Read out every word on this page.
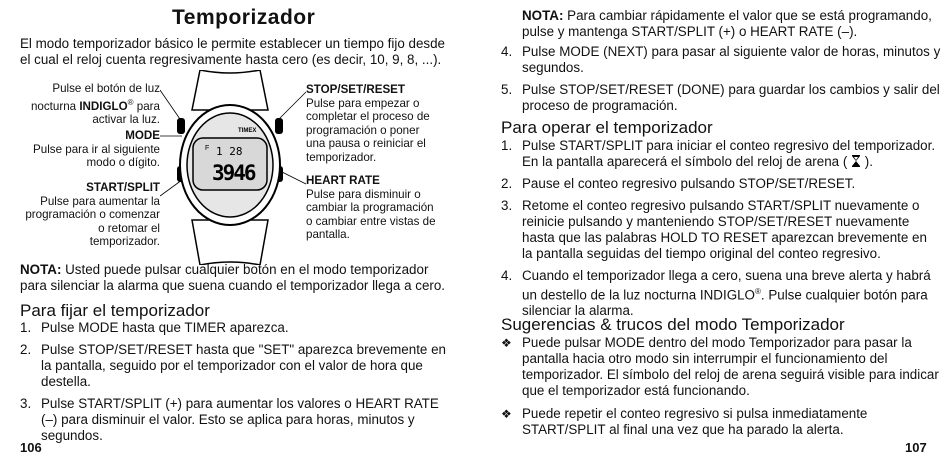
Temporizador
El modo temporizador básico le permite establecer un tiempo fijo desde el cual el reloj cuenta regresivamente hasta cero (es decir, 10, 9, 8, ...).
Pulse el botón de luz
nocturna INDIGLO® para
activar la luz.
MODE
Pulse para ir al siguiente
modo o dígito.
START/SPLIT
Pulse para aumentar la
programación o comenzar
o retomar el
temporizador.
STOP/SET/RESET
Pulse para empezar o
completar el proceso de
programación o poner
una pausa o reiniciar el
temporizador.
HEART RATE
Pulse para disminuir o
cambiar la programación
o cambiar entre vistas de
pantalla.
TIMEX
F 1 28
3946
NOTA: Usted puede pulsar cualquier botón en el modo temporizador para silenciar la alarma que suena cuando el temporizador llega a cero.
Para fijar el temporizador
1. Pulse MODE hasta que TIMER aparezca.
2. Pulse STOP/SET/RESET hasta que "SET" aparezca brevemente en la pantalla, seguido por el temporizador con el valor de hora que destella.
3. Pulse START/SPLIT (+) para aumentar los valores o HEART RATE (–) para disminuir el valor. Esto se aplica para horas, minutos y segundos.
106
NOTA: Para cambiar rápidamente el valor que se está programando, pulse y mantenga START/SPLIT (+) o HEART RATE (–).
4. Pulse MODE (NEXT) para pasar al siguiente valor de horas, minutos y segundos.
5. Pulse STOP/SET/RESET (DONE) para guardar los cambios y salir del proceso de programación.
Para operar el temporizador
1. Pulse START/SPLIT para iniciar el conteo regresivo del temporizador. En la pantalla aparecerá el símbolo del reloj de arena ( ).
2. Pause el conteo regresivo pulsando STOP/SET/RESET.
3. Retome el conteo regresivo pulsando START/SPLIT nuevamente o reinicie pulsando y manteniendo STOP/SET/RESET nuevamente hasta que las palabras HOLD TO RESET aparezcan brevemente en la pantalla seguidas del tiempo original del conteo regresivo.
4. Cuando el temporizador llega a cero, suena una breve alerta y habrá un destello de la luz nocturna INDIGLO®. Pulse cualquier botón para silenciar la alarma.
Sugerencias & trucos del modo Temporizador
❖ Puede pulsar MODE dentro del modo Temporizador para pasar la pantalla hacia otro modo sin interrumpir el funcionamiento del temporizador. El símbolo del reloj de arena seguirá visible para indicar que el temporizador está funcionando.
❖ Puede repetir el conteo regresivo si pulsa inmediatamente START/SPLIT al final una vez que ha parado la alerta.
107
